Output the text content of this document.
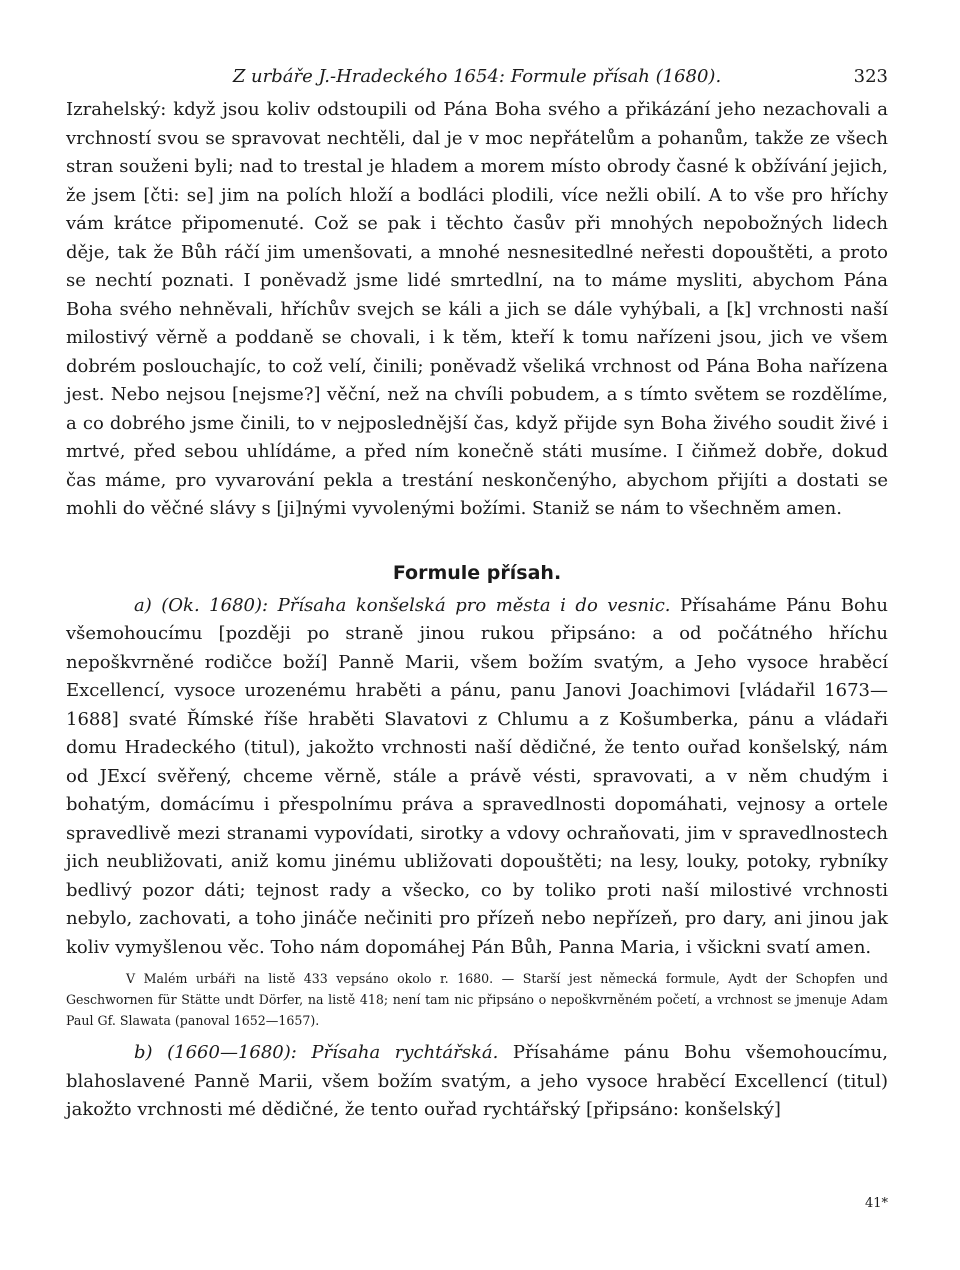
Z urbáře J.-Hradeckého 1654: Formule přísah (1680).	323

Izrahelský: když jsou koliv odstoupili od Pána Boha svého a přikázání jeho nezachovali a vrchností svou se spravovat nechtěli, dal je v moc nepřátelům a pohanům, takže ze všech stran souženi byli; nad to trestal je hladem a morem místo obrody časné k obžívání jejich, že jsem [čti: se] jim na polích hloží a bodláci plodili, více nežli obilí. A to vše pro hříchy vám krátce připomenuté. Což se pak i těchto časův při mnohých nepobožných lidech děje, tak že Bůh ráčí jim umenšovati, a mnohé nesnesitedlné neřesti dopouštěti, a proto se nechtí poznati. I poněvadž jsme lidé smrtedlní, na to máme mysliti, abychom Pána Boha svého nehněvali, hříchův svejch se káli a jich se dále vyhýbali, a [k] vrchnosti naší milostivý věrně a poddaně se chovali, i k těm, kteří k tomu nařízeni jsou, jich ve všem dobrém poslouchajíc, to což velí, činili; poněvadž všeliká vrchnost od Pána Boha nařízena jest. Nebo nejsou [nejsme?] věční, než na chvíli pobudem, a s tímto světem se rozdělíme, a co dobrého jsme činili, to v nejposlednější čas, když přijde syn Boha živého soudit živé i mrtvé, před sebou uhlídáme, a před ním konečně státi musíme. I čiňmež dobře, dokud čas máme, pro vyvarování pekla a trestání neskončenýho, abychom přijíti a dostati se mohli do věčné slávy s [ji]nými vyvolenými božími. Staniž se nám to všechněm amen.

Formule přísah.

a) (Ok. 1680): Přísaha konšelská pro města i do vesnic. Přísaháme Pánu Bohu všemohoucímu [později po straně jinou rukou připsáno: a od počátného hříchu nepoškvrněné rodičce boží] Panně Marii, všem božím svatým, a Jeho vysoce hraběcí Excellencí, vysoce urozenému hraběti a pánu, panu Janovi Joachimovi [vládařil 1673—1688] svaté Římské říše hraběti Slavatovi z Chlumu a z Košumberka, pánu a vládaři domu Hradeckého (titul), jakožto vrchnosti naší dědičné, že tento ouřad konšelský, nám od JExcí svěřený, chceme věrně, stále a právě vésti, spravovati, a v něm chudým i bohatým, domácímu i přespolnímu práva a spravedlnosti dopomáhati, vejnosy a ortele spravedlivě mezi stranami vypovídati, sirotky a vdovy ochraňovati, jim v spravedlnostech jich neubližovati, aniž komu jinému ubližovati dopouštěti; na lesy, louky, potoky, rybníky bedlivý pozor dáti; tejnost rady a všecko, co by toliko proti naší milostivé vrchnosti nebylo, zachovati, a toho jináče nečiniti pro přízeň nebo nepřízeň, pro dary, ani jinou jak koliv vymyšlenou věc. Toho nám dopomáhej Pán Bůh, Panna Maria, i všickni svatí amen.

V Malém urbáři na listě 433 vepsáno okolo r. 1680. — Starší jest německá formule, Aydt der Schopfen und Geschwornen für Stätte undt Dörfer, na listě 418; není tam nic připsáno o nepoškvrněném početí, a vrchnost se jmenuje Adam Paul Gf. Slawata (panoval 1652—1657).

b) (1660—1680): Přísaha rychtářská. Přísaháme pánu Bohu všemohoucímu, blahoslavené Panně Marii, všem božím svatým, a jeho vysoce hraběcí Excellencí (titul) jakožto vrchnosti mé dědičné, že tento ouřad rychtářský [připsáno: konšelský]

41*
